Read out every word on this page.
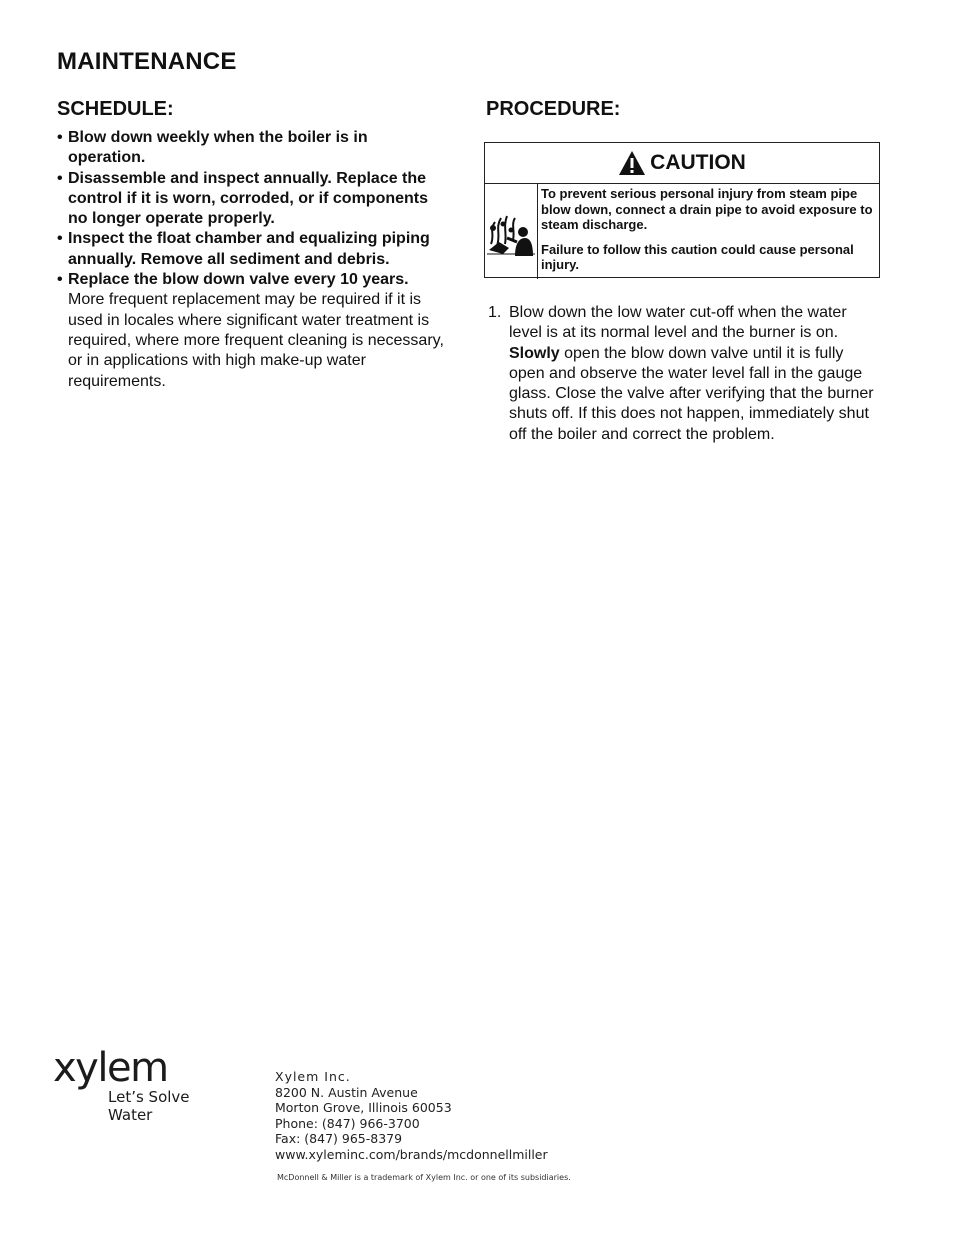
MAINTENANCE
SCHEDULE:
• Blow down weekly when the boiler is in operation.
• Disassemble and inspect annually. Replace the control if it is worn, corroded, or if components no longer operate properly.
• Inspect the float chamber and equalizing piping annually. Remove all sediment and debris.
• Replace the blow down valve every 10 years. More frequent replacement may be required if it is used in locales where significant water treatment is required, where more frequent cleaning is necessary, or in applications with high make-up water requirements.
PROCEDURE:
CAUTION

To prevent serious personal injury from steam pipe blow down, connect a drain pipe to avoid exposure to steam discharge.

Failure to follow this caution could cause personal injury.

1. Blow down the low water cut-off when the water level is at its normal level and the burner is on. Slowly open the blow down valve until it is fully open and observe the water level fall in the gauge glass. Close the valve after verifying that the burner shuts off. If this does not happen, immediately shut off the boiler and correct the problem.
xylem
Let’s Solve Water
Xylem Inc.
8200 N. Austin Avenue
Morton Grove, Illinois 60053
Phone: (847) 966-3700
Fax: (847) 965-8379
www.xyleminc.com/brands/mcdonnellmiller
McDonnell & Miller is a trademark of Xylem Inc. or one of its subsidiaries.
